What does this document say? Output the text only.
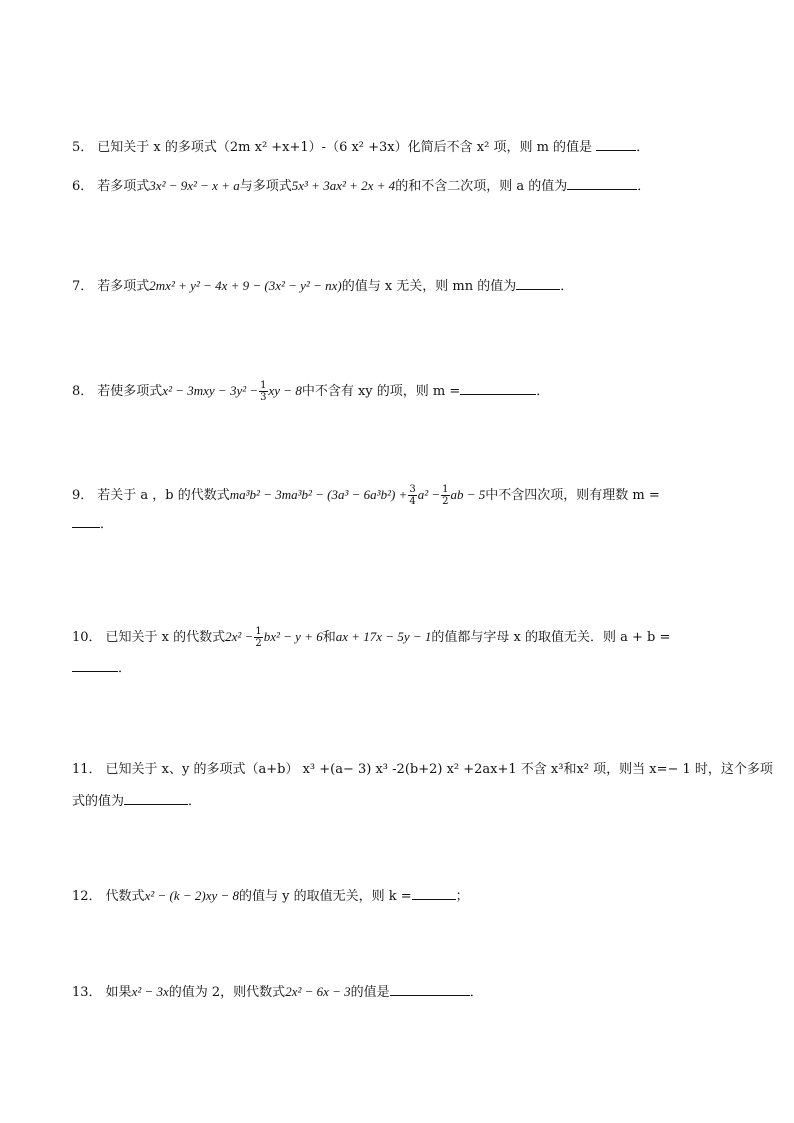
5． 已知关于 x 的多项式（2m x² +x+1）-（6 x² +3x）化简后不含 x² 项，则 m 的值是	．
6． 若多项式3x² − 9x² − x + a与多项式5x³ + 3ax² + 2x + 4的和不含二次项，则 a 的值为	．
7． 若多项式2mx² + y² − 4x + 9 − (3x² − y² − nx)的值与 x 无关，则 mn 的值为	．
8． 若使多项式$x^2 - 3mxy - 3y^2 - \frac{1}{3}$ xy − 8中不含有 xy 的项，则 m =	．
9． 若关于 a ，b 的代数式$ma^3b^2 - 3ma^3b^2 - (3a^3 - 6a^3b^2) + \frac{3}{4} a^2 - \frac{1}{2}$ ab − 5中不含四次项，则有理数 m =
．
10． 已知关于 x 的代数式$2x^2 - \frac{1}{2} bx^2 - y + 6$和ax + 17x − 5y − 1的值都与字母 x 的取值无关．则 a + b =
．
11． 已知关于 x、y 的多项式（a+b） x³ +(a− 3) x³ -2(b+2) x² +2ax+1 不含 x³和x² 项，则当 x=− 1 时，这个多项
式的值为	．
12． 代数式x² − (k − 2)xy − 8的值与 y 的取值无关，则 k =	；
13． 如果x² − 3x的值为 2，则代数式2x² − 6x − 3的值是	．
